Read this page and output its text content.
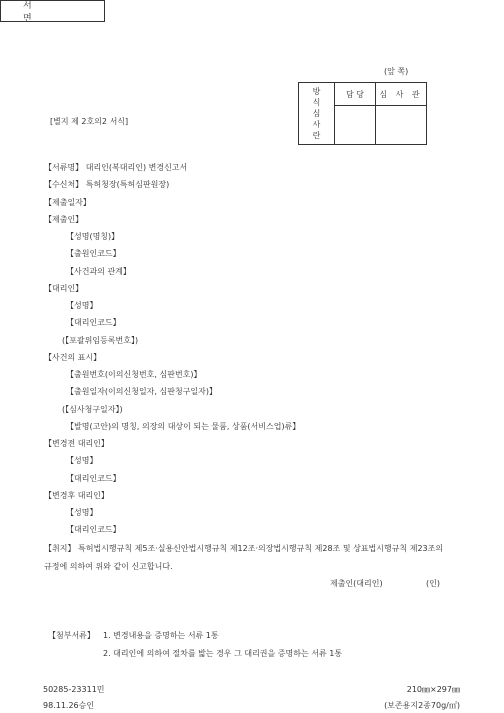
서 면
(앞 쪽)
[별지 제 2호의2 서식]
방
식
심
사
란	담 당	심 사 관

【서류명】 대리인(복대리인) 변경신고서
【수신처】 특허청장(특허심판원장)
【제출일자】
【제출인】
【성명(명칭)】
【출원인코드】
【사건과의 관계】
【대리인】
【성명】
【대리인코드】
(【포괄위임등록번호】)
【사건의 표시】
【출원번호(이의신청번호, 심판번호)】
【출원일자(이의신청일자, 심판청구일자)】
(【심사청구일자】)
【발명(고안)의 명칭, 의장의 대상이 되는 물품, 상품(서비스업)류】
【변경전 대리인】
【성명】
【대리인코드】
【변경후 대리인】
【성명】
【대리인코드】
【취지】 특허법시행규칙 제5조·실용신안법시행규칙 제12조·의장법시행규칙 제28조 및 상표법시행규칙 제23조의 규정에 의하여 위와 같이 신고합니다.
제출인(대리인)	(인)
【첨부서류】 1. 변경내용을 증명하는 서류 1통
2. 대리인에 의하여 절차를 밟는 경우 그 대리권을 증명하는 서류 1통
50285-23311민
98.11.26승인
210㎜×297㎜
(보존용지2종70g/㎡)
